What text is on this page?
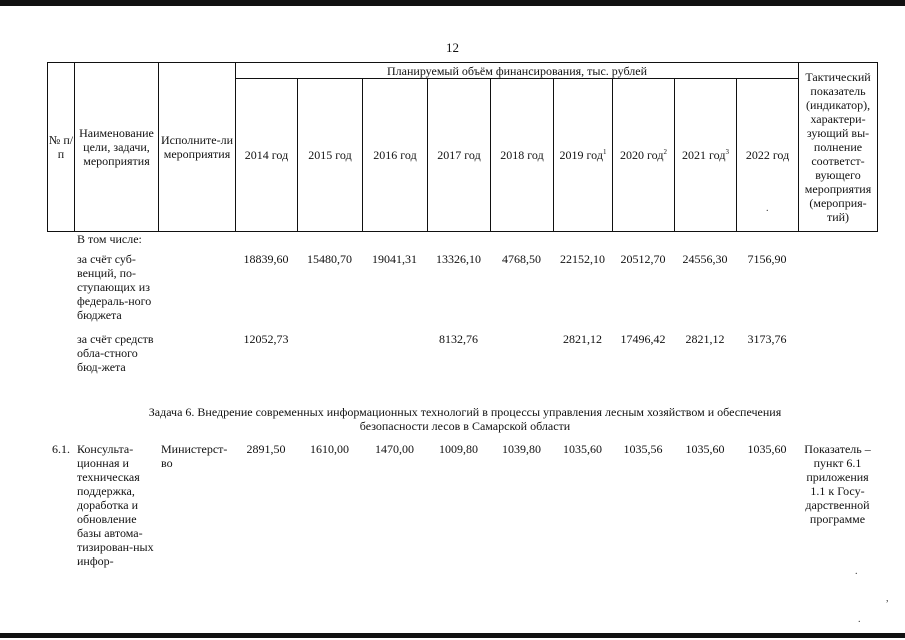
12
№ п/п	Наименование цели, задачи, мероприятия	Исполните-ли мероприятия	Планируемый объём финансирования, тыс. рублей									Тактический показатель (индикатор), характери-зующий вы-полнение соответст-вующего мероприятия (мероприя-тий)
			2014 год	2015 год	2016 год	2017 год	2018 год	2019 год$^1$	2020 год$^2$	2021 год$^3$	2022 год	
	В том числе:											
	за счёт суб-венций, по-ступающих из федераль-ного бюджета		18839,60	15480,70	19041,31	13326,10	4768,50	22152,10	20512,70	24556,30	7156,90	
	за счёт средств обла-стного бюд-жета		12052,73			8132,76		2821,12	17496,42	2821,12	3173,76	

6.1.	Консульта-ционная и техническая поддержка, доработка и обновление базы автома-тизирован-ных инфор-	Министерст-во	2891,50	1610,00	1470,00	1009,80	1039,80	1035,60	1035,56	1035,60	1035,60	Показатель – пункт 6.1 приложения 1.1 к Госу-дарственной программе
Задача 6. Внедрение современных информационных технологий в процессы управления лесным хозяйством и обеспечения безопасности лесов в Самарской области
.
.
,
.
